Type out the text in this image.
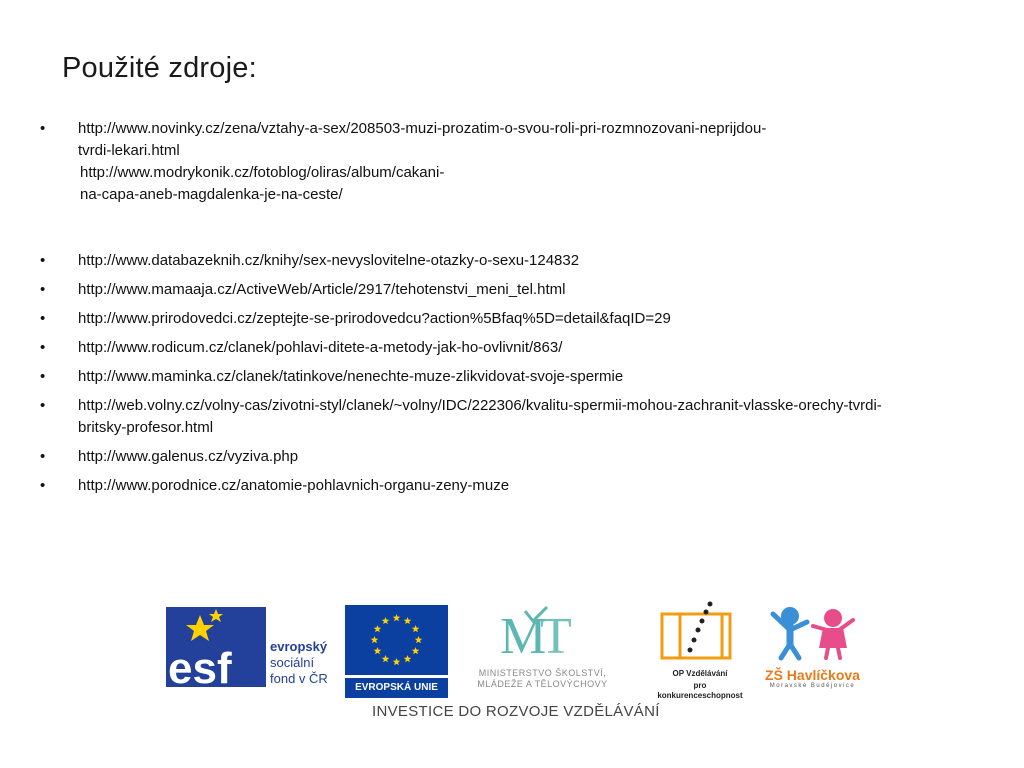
Použité zdroje:
• http://www.novinky.cz/zena/vztahy-a-sex/208503-muzi-prozatim-o-svou-roli-pri-rozmnozovani-neprijdou-
tvrdi-lekari.html
http://www.modrykonik.cz/fotoblog/oliras/album/cakani-
na-capa-aneb-magdalenka-je-na-ceste/
• http://www.databazeknih.cz/knihy/sex-nevyslovitelne-otazky-o-sexu-124832
• http://www.mamaaja.cz/ActiveWeb/Article/2917/tehotenstvi_meni_tel.html
• http://www.prirodovedci.cz/zeptejte-se-prirodovedcu?action%5Bfaq%5D=detail&faqID=29
• http://www.rodicum.cz/clanek/pohlavi-ditete-a-metody-jak-ho-ovlivnit/863/
• http://www.maminka.cz/clanek/tatinkove/nenechte-muze-zlikvidovat-svoje-spermie
• http://web.volny.cz/volny-cas/zivotni-styl/clanek/~volny/IDC/222306/kvalitu-spermii-mohou-zachranit-vlasske-orechy-tvrdi-britsky-profesor.html
• http://www.galenus.cz/vyziva.php
• http://www.porodnice.cz/anatomie-pohlavnich-organu-zeny-muze
esf	evropský
sociální
fond v ČR
EVROPSKÁ UNIE
M
T
MINISTERSTVO ŠKOLSTVÍ,
MLÁDEŽE A TĚLOVÝCHOVY
OP Vzdělávání
pro konkurenceschopnost
ZŠ Havlíčkova
Moravské Budějovice
INVESTICE DO ROZVOJE VZDĚLÁVÁNÍ
